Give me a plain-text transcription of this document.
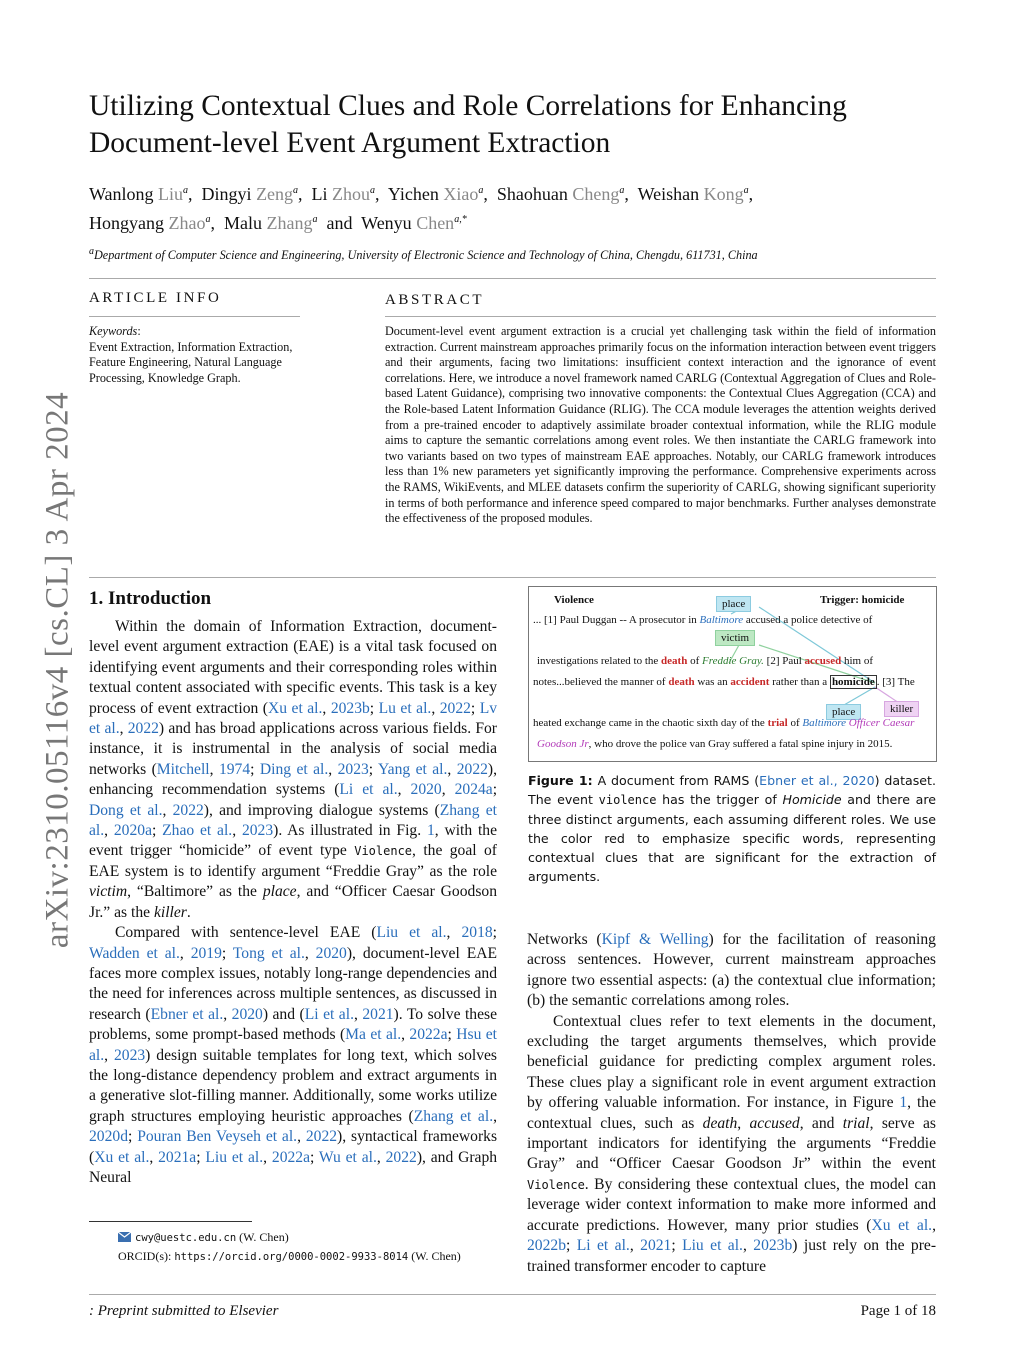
arXiv:2310.05116v4 [cs.CL] 3 Apr 2024
Utilizing Contextual Clues and Role Correlations for Enhancing Document-level Event Argument Extraction
Wanlong Liu$^a$,  Dingyi Zeng$^a$,  Li Zhou$^a$,  Yichen Xiao$^a$,  Shaohuan Cheng$^a$,  Weishan Kong$^a$,
Hongyang Zhao$^a$,  Malu Zhang$^a$  and  Wenyu Chen$^{a,*}$
$^a$Department of Computer Science and Engineering, University of Electronic Science and Technology of China, Chengdu, 611731, China
ARTICLE INFO	ABSTRACT
Keywords:
Event Extraction, Information Extraction, Feature Engineering, Natural Language Processing, Knowledge Graph.
Document-level event argument extraction is a crucial yet challenging task within the field of information extraction. Current mainstream approaches primarily focus on the information interaction between event triggers and their arguments, facing two limitations: insufficient context interaction and the ignorance of event correlations. Here, we introduce a novel framework named CARLG (Contextual Aggregation of Clues and Role-based Latent Guidance), comprising two innovative components: the Contextual Clues Aggregation (CCA) and the Role-based Latent Information Guidance (RLIG). The CCA module leverages the attention weights derived from a pre-trained encoder to adaptively assimilate broader contextual information, while the RLIG module aims to capture the semantic correlations among event roles. We then instantiate the CARLG framework into two variants based on two types of mainstream EAE approaches. Notably, our CARLG framework introduces less than 1% new parameters yet significantly improving the performance. Comprehensive experiments across the RAMS, WikiEvents, and MLEE datasets confirm the superiority of CARLG, showing significant superiority in terms of both performance and inference speed compared to major benchmarks. Further analyses demonstrate the effectiveness of the proposed modules.
1. Introduction

Within the domain of Information Extraction, document-level event argument extraction (EAE) is a vital task focused on identifying event arguments and their corresponding roles within textual content associated with specific events. This task is a key process of event extraction (Xu et al., 2023b; Lu et al., 2022; Lv et al., 2022) and has broad applications across various fields. For instance, it is instrumental in the analysis of social media networks (Mitchell, 1974; Ding et al., 2023; Yang et al., 2022), enhancing recommendation systems (Li et al., 2020, 2024a; Dong et al., 2022), and improving dialogue systems (Zhang et al., 2020a; Zhao et al., 2023). As illustrated in Fig. 1, with the event trigger “homicide” of event type Violence, the goal of EAE system is to identify argument “Freddie Gray” as the role victim, “Baltimore” as the place, and “Officer Caesar Goodson Jr.” as the killer.

Compared with sentence-level EAE (Liu et al., 2018; Wadden et al., 2019; Tong et al., 2020), document-level EAE faces more complex issues, notably long-range dependencies and the need for inferences across multiple sentences, as discussed in research (Ebner et al., 2020) and (Li et al., 2021). To solve these problems, some prompt-based methods (Ma et al., 2022a; Hsu et al., 2023) design suitable templates for long text, which solves the long-distance dependency problem and extract arguments in a generative slot-filling manner. Additionally, some works utilize graph structures employing heuristic approaches (Zhang et al., 2020d; Pouran Ben Veyseh et al., 2022), syntactical frameworks (Xu et al., 2021a; Liu et al., 2022a; Wu et al., 2022), and Graph Neural

Violence	Trigger: homicide
place
victim
place	killer
... [1] Paul Duggan -- A prosecutor in Baltimore accused a police detective of
investigations related to the death of Freddie Gray. [2] Paul accused him of
notes...believed the manner of death was an accident rather than a homicide . [3] The
heated exchange came in the chaotic sixth day of the trial of Baltimore Officer Caesar
Goodson Jr, who drove the police van Gray suffered a fatal spine injury in 2015.
Figure 1: A document from RAMS (Ebner et al., 2020) dataset. The event violence has the trigger of Homicide and there are three distinct arguments, each assuming different roles. We use the color red to emphasize specific words, representing contextual clues that are significant for the extraction of arguments.

Networks (Kipf & Welling) for the facilitation of reasoning across sentences. However, current mainstream approaches ignore two essential aspects: (a) the contextual clue information; (b) the semantic correlations among roles.

Contextual clues refer to text elements in the document, excluding the target arguments themselves, which provide beneficial guidance for predicting complex argument roles. These clues play a significant role in event argument extraction by offering valuable information. For instance, in Figure 1, the contextual clues, such as death, accused, and trial, serve as important indicators for identifying the arguments “Freddie Gray” and “Officer Caesar Goodson Jr” within the event Violence. By considering these contextual clues, the model can leverage wider context information to make more informed and accurate predictions. However, many prior studies (Xu et al., 2022b; Li et al., 2021; Liu et al., 2023b) just rely on the pre-trained transformer encoder to capture

cwy@uestc.edu.cn (W. Chen)
ORCID(s): https://orcid.org/0000-0002-9933-8014 (W. Chen)
: Preprint submitted to Elsevier	Page 1 of 18
